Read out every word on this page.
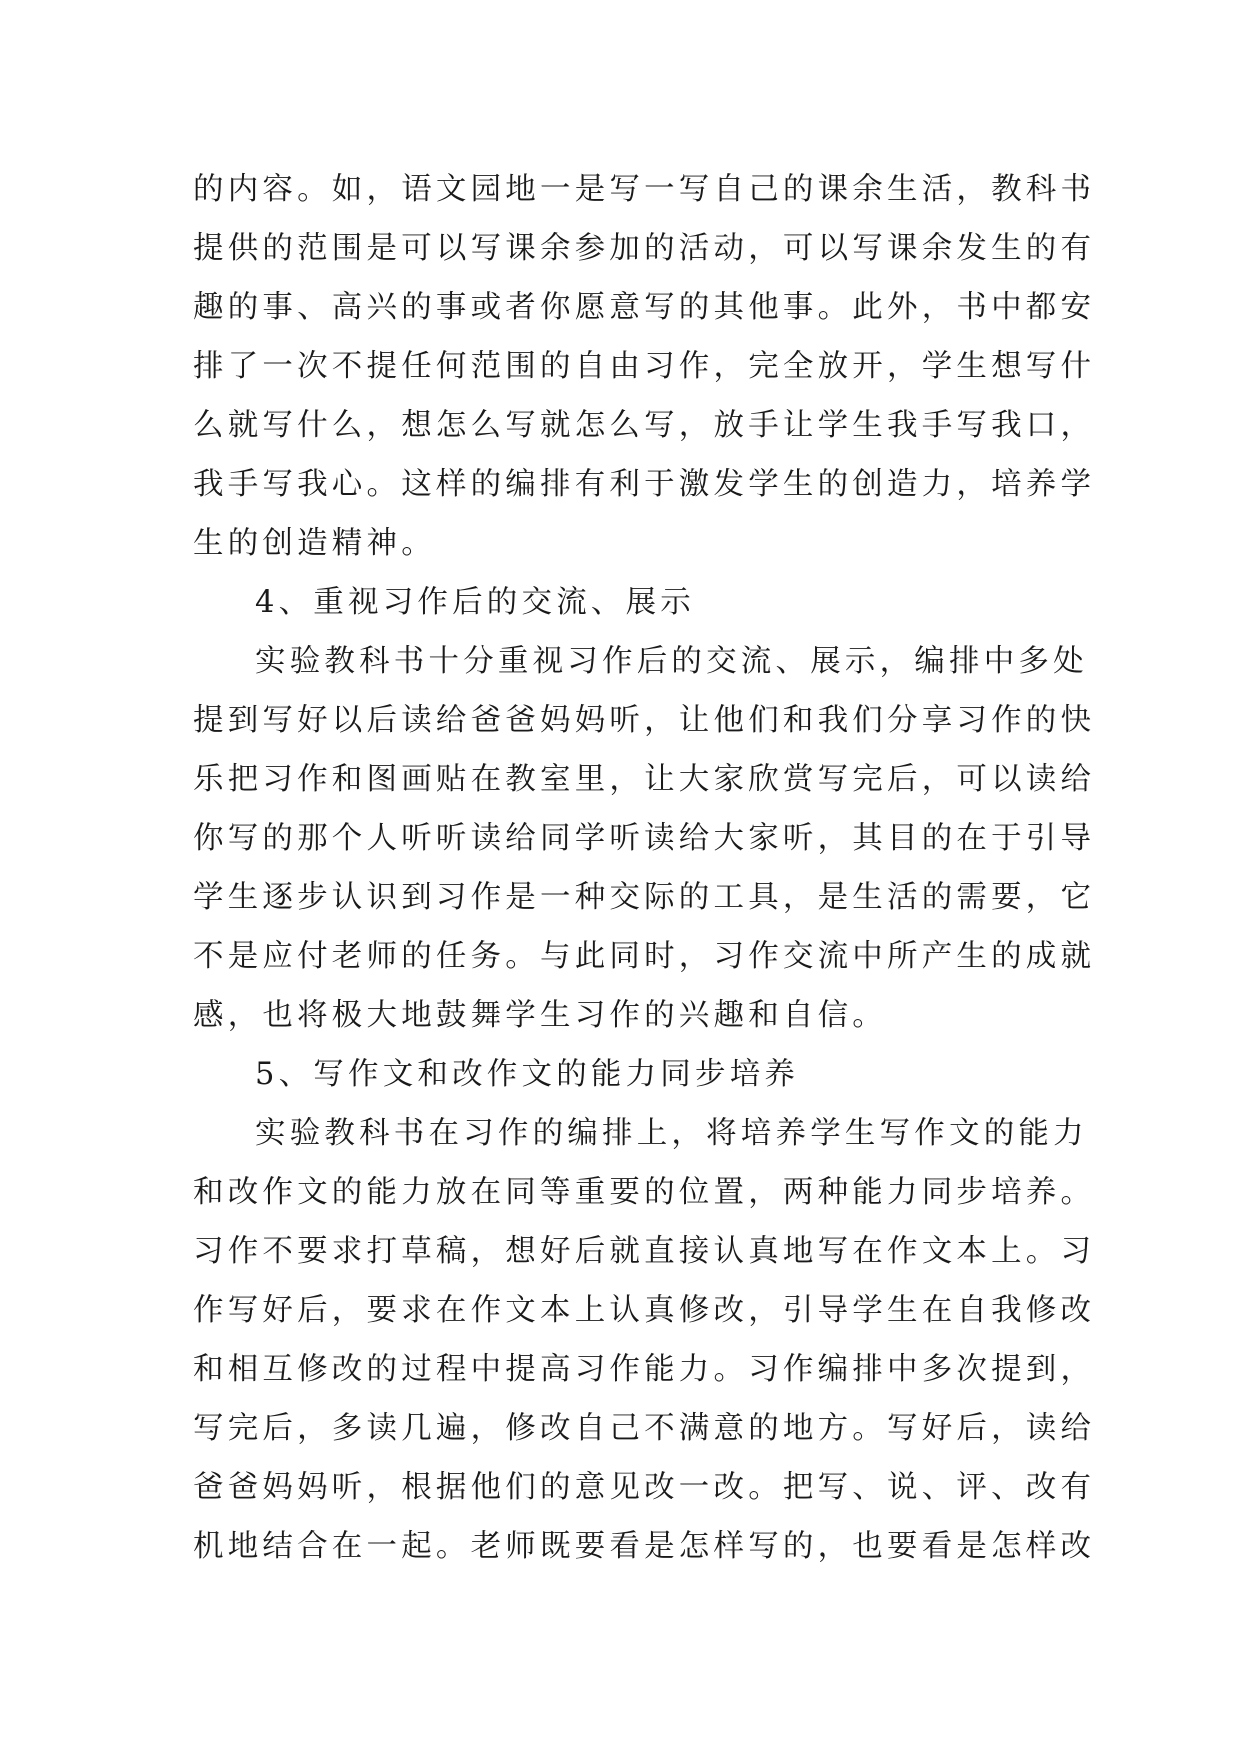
的内容。如，语文园地一是写一写自己的课余生活，教科书
提供的范围是可以写课余参加的活动，可以写课余发生的有
趣的事、高兴的事或者你愿意写的其他事。此外，书中都安
排了一次不提任何范围的自由习作，完全放开，学生想写什
么就写什么，想怎么写就怎么写，放手让学生我手写我口，
我手写我心。这样的编排有利于激发学生的创造力，培养学
生的创造精神。
4、重视习作后的交流、展示
实验教科书十分重视习作后的交流、展示，编排中多处
提到写好以后读给爸爸妈妈听，让他们和我们分享习作的快
乐把习作和图画贴在教室里，让大家欣赏写完后，可以读给
你写的那个人听听读给同学听读给大家听，其目的在于引导
学生逐步认识到习作是一种交际的工具，是生活的需要，它
不是应付老师的任务。与此同时，习作交流中所产生的成就
感，也将极大地鼓舞学生习作的兴趣和自信。
5、写作文和改作文的能力同步培养
实验教科书在习作的编排上，将培养学生写作文的能力
和改作文的能力放在同等重要的位置，两种能力同步培养。
习作不要求打草稿，想好后就直接认真地写在作文本上。习
作写好后，要求在作文本上认真修改，引导学生在自我修改
和相互修改的过程中提高习作能力。习作编排中多次提到，
写完后，多读几遍，修改自己不满意的地方。写好后，读给
爸爸妈妈听，根据他们的意见改一改。把写、说、评、改有
机地结合在一起。老师既要看是怎样写的，也要看是怎样改
